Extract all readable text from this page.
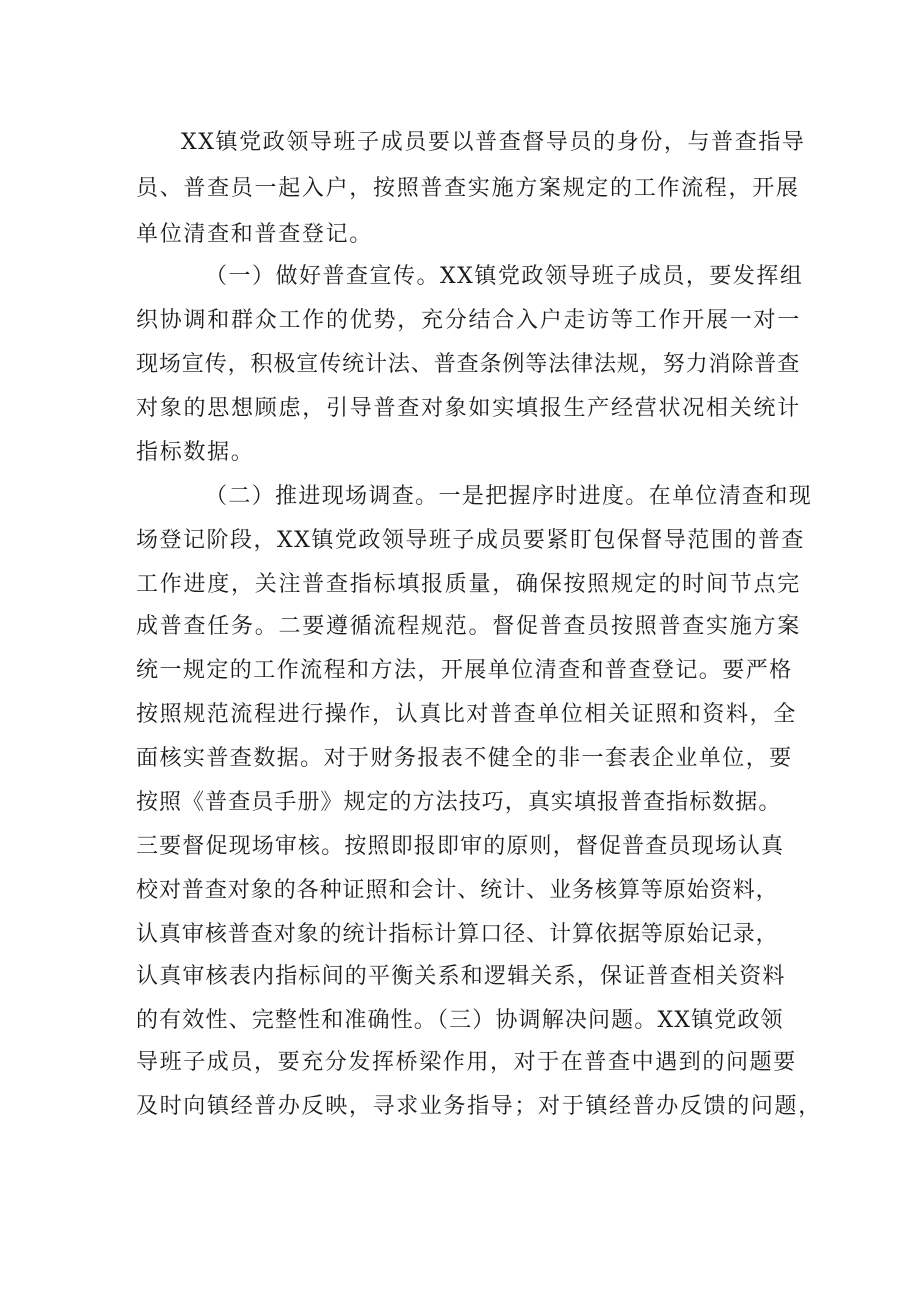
XX镇党政领导班子成员要以普查督导员的身份，与普查指导
员、普查员一起入户，按照普查实施方案规定的工作流程，开展
单位清查和普查登记。
（一）做好普查宣传。XX镇党政领导班子成员，要发挥组
织协调和群众工作的优势，充分结合入户走访等工作开展一对一
现场宣传，积极宣传统计法、普查条例等法律法规，努力消除普查
对象的思想顾虑，引导普查对象如实填报生产经营状况相关统计
指标数据。
（二）推进现场调查。一是把握序时进度。在单位清查和现
场登记阶段，XX镇党政领导班子成员要紧盯包保督导范围的普查
工作进度，关注普查指标填报质量，确保按照规定的时间节点完
成普查任务。二要遵循流程规范。督促普查员按照普查实施方案
统一规定的工作流程和方法，开展单位清查和普查登记。要严格
按照规范流程进行操作，认真比对普查单位相关证照和资料，全
面核实普查数据。对于财务报表不健全的非一套表企业单位，要
按照《普查员手册》规定的方法技巧，真实填报普查指标数据。
三要督促现场审核。按照即报即审的原则，督促普查员现场认真
校对普查对象的各种证照和会计、统计、业务核算等原始资料，
认真审核普查对象的统计指标计算口径、计算依据等原始记录，
认真审核表内指标间的平衡关系和逻辑关系，保证普查相关资料
的有效性、完整性和准确性。（三）协调解决问题。XX镇党政领
导班子成员，要充分发挥桥梁作用，对于在普查中遇到的问题要
及时向镇经普办反映，寻求业务指导；对于镇经普办反馈的问题，
